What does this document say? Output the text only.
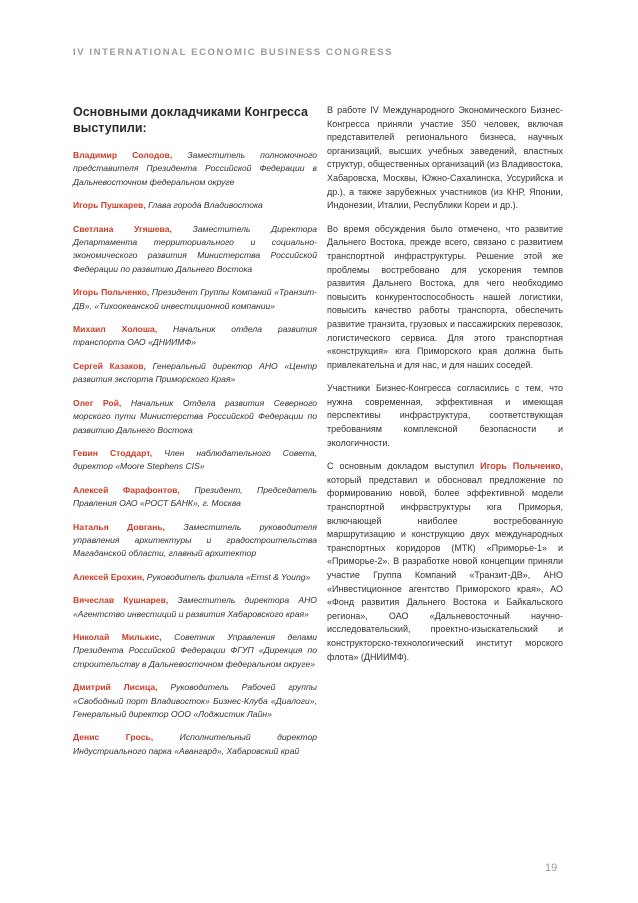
IV INTERNATIONAL ECONOMIC BUSINESS CONGRESS
Основными докладчиками Конгресса выступили:

Владимир Солодов, Заместитель полномочного представителя Президента Российской Федерации в Дальневосточном федеральном округе

Игорь Пушкарев, Глава города Владивостока

Светлана Угяшева, Заместитель Директора Департамента территориального и социально-экономического развития Министерства Российской Федерации по развитию Дальнего Востока

Игорь Польченко, Президент Группы Компаний «Транзит-ДВ», «Тихоокеанской инвестиционной компании»

Михаил Холоша, Начальник отдела развития транспорта ОАО «ДНИИМФ»

Сергей Казаков, Генеральный директор АНО «Центр развития экспорта Приморского Края»

Олег Рой, Начальник Отдела развития Северного морского пути Министерства Российской Федерации по развитию Дальнего Востока

Гевин Стоддарт, Член наблюдательного Совета, директор «Moore Stephens CIS»

Алексей Фарафонтов, Президент, Председатель Правления ОАО «РОСТ БАНК», г. Москва

Наталья Довгань, Заместитель руководителя управления архитектуры и градостроительства Магаданской области, главный архитектор

Алексей Ерохин, Руководитель филиала «Ernst & Young»

Вячеслав Кушнарев, Заместитель директора АНО «Агентство инвестиций и развития Хабаровского края»

Николай Милькис, Советник Управления делами Президента Российской Федерации ФГУП «Дирекция по строительству в Дальневосточном федеральном округе»

Дмитрий Лисица, Руководитель Рабочей группы «Свободный порт Владивосток» Бизнес-Клуба «Диалоги», Генеральный директор ООО «Лоджистик Лайн»

Денис Грось,	Исполнительный директор Индустриального парка «Авангард», Хабаровский край

В работе IV Международного Экономического Бизнес-Конгресса приняли участие 350 человек, включая представителей региональногo бизнеса, научных организаций, высших учебных заведений, властных структур, общественных организаций (из Владивостока, Хабаровска, Москвы, Южно-Сахалинска, Уссурийска и др.), а также зарубежных участников (из КНР, Японии, Индонезии, Италии, Республики Кореи и др.).

Во время обсуждения было отмечено, что развитие Дальнего Востока, прежде всего, связано с развитием транспортной инфраструктуры. Решение этой же проблемы востребовано для ускорения темпов развития Дальнего Востока, для чего необходимо повысить конкурентоспособность нашей логистики, повысить качество работы транспорта, обеспечить развитие транзита, грузовых и пассажирских перевозок, логистического сервиса. Для этого транспортная «конструкция» юга Приморского края должна быть привлекательна и для нас, и для наших соседей.

Участники Бизнес-Конгресса согласились с тем, что нужна современная, эффективная и имеющая перспективы инфраструктура, соответствующая требованиям комплексной безопасности и экологичности.

С основным докладом выступил Игорь Польченко, который представил и обосновал предложение по формированию новой, более эффективной модели транспортной инфраструктуры юга Приморья, включающей наиболее востребованную маршрутизацию и конструкцию двух международных транспортных коридоров (МТК) «Приморье-1» и «Приморье-2». В разработке новой концепции приняли участие Группа Компаний «Транзит-ДВ», АНО «Инвестиционное агентство Приморского края», АО «Фонд развития Дальнего Востока и Байкальского региона», ОАО «Дальневосточный научно-исследовательский, проектно-изыскательский и конструкторско-технологический институт морского флота» (ДНИИМФ).

19
